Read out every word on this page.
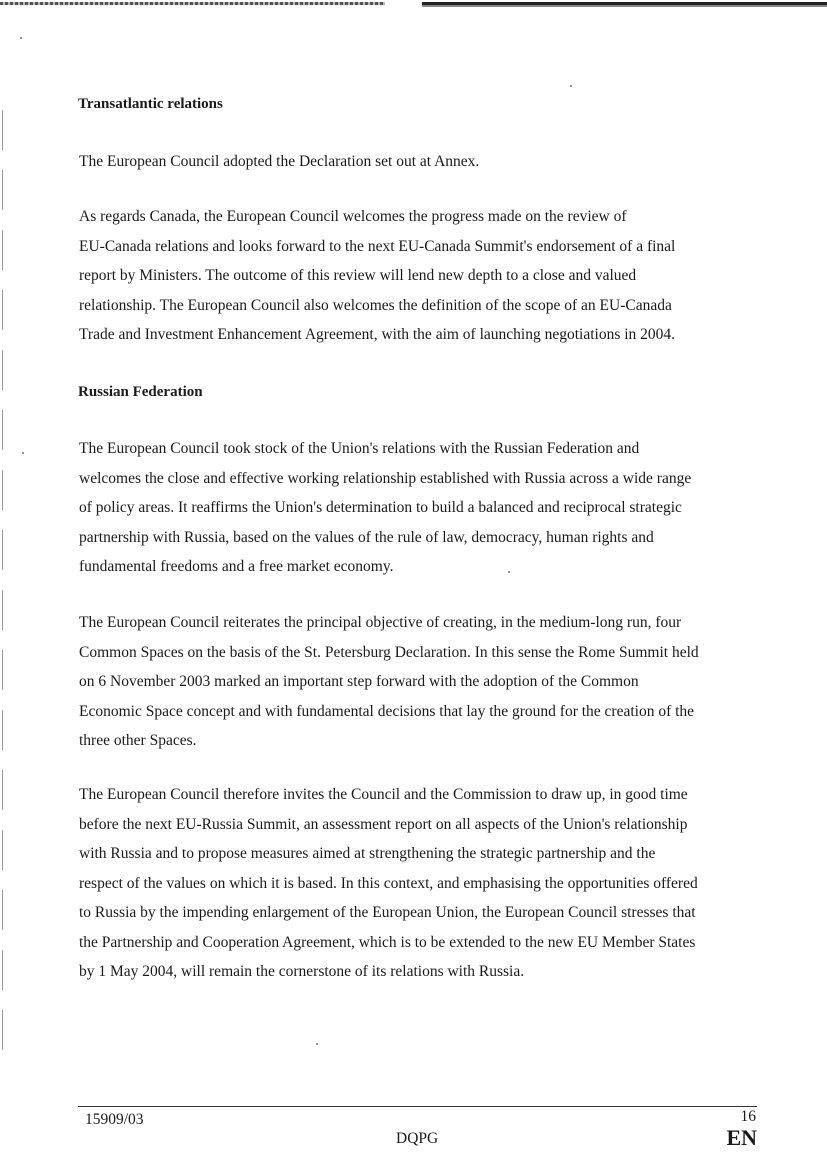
Transatlantic relations

The European Council adopted the Declaration set out at Annex.

As regards Canada, the European Council welcomes the progress made on the review of
EU-Canada relations and looks forward to the next EU-Canada Summit's endorsement of a final
report by Ministers. The outcome of this review will lend new depth to a close and valued
relationship. The European Council also welcomes the definition of the scope of an EU-Canada
Trade and Investment Enhancement Agreement, with the aim of launching negotiations in 2004.

Russian Federation

The European Council took stock of the Union's relations with the Russian Federation and
welcomes the close and effective working relationship established with Russia across a wide range
of policy areas. It reaffirms the Union's determination to build a balanced and reciprocal strategic
partnership with Russia, based on the values of the rule of law, democracy, human rights and
fundamental freedoms and a free market economy.

The European Council reiterates the principal objective of creating, in the medium-long run, four
Common Spaces on the basis of the St. Petersburg Declaration. In this sense the Rome Summit held
on 6 November 2003 marked an important step forward with the adoption of the Common
Economic Space concept and with fundamental decisions that lay the ground for the creation of the
three other Spaces.

The European Council therefore invites the Council and the Commission to draw up, in good time
before the next EU-Russia Summit, an assessment report on all aspects of the Union's relationship
with Russia and to propose measures aimed at strengthening the strategic partnership and the
respect of the values on which it is based. In this context, and emphasising the opportunities offered
to Russia by the impending enlargement of the European Union, the European Council stresses that
the Partnership and Cooperation Agreement, which is to be extended to the new EU Member States
by 1 May 2004, will remain the cornerstone of its relations with Russia.

15909/03	16
DQPG	EN
